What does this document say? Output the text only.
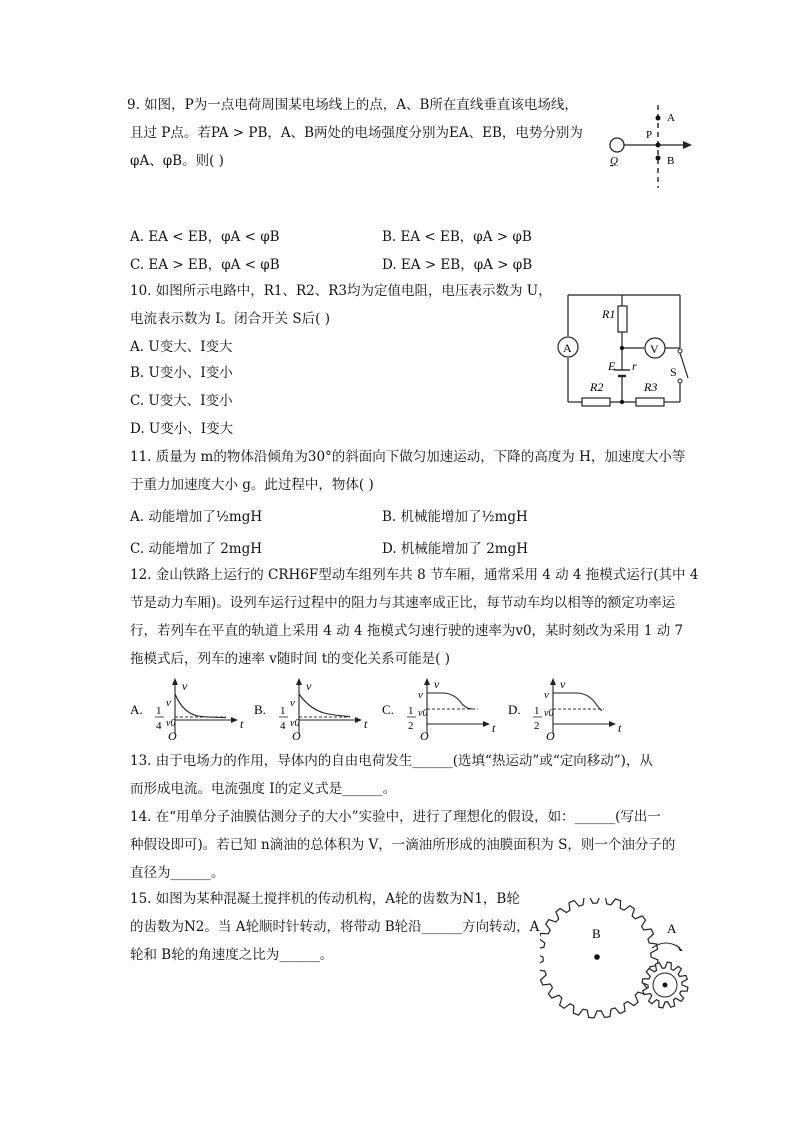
9. 如图，P为一点电荷周围某电场线上的点，A、B所在直线垂直该电场线，
且过 P点。若PA > PB，A、B两处的电场强度分别为EA、EB，电势分别为
φA、φB。则( )
A
P
Q	B
A. EA < EB，φA < φB	B. EA < EB，φA > φB
C. EA > EB，φA < φB	D. EA > EB，φA > φB
10. 如图所示电路中，R1、R2、R3均为定值电阻，电压表示数为 U，
电流表示数为 I。闭合开关 S后( )
A. U变大、I变大
B. U变小、I变小
C. U变大、I变小
D. U变小、I变大
A	V
R1
E r	S
R2	R3
11. 质量为 m的物体沿倾角为30°的斜面向下做匀加速运动，下降的高度为 H，加速度大小等
于重力加速度大小 g。此过程中，物体( )
A. 动能增加了½mgH	B. 机械能增加了½mgH
C. 动能增加了 2mgH	D. 机械能增加了 2mgH
12. 金山铁路上运行的 CRH6F型动车组列车共 8 节车厢，通常采用 4 动 4 拖模式运行(其中 4
节是动力车厢)。设列车运行过程中的阻力与其速率成正比，每节动车均以相等的额定功率运
行，若列车在平直的轨道上采用 4 动 4 拖模式匀速行驶的速率为v0，某时刻改为采用 1 动 7
拖模式后，列车的速率 v随时间 t的变化关系可能是( )
A. 1
4
v
v0
v
t
O
B. 1
4
v
v0
v
t
O
C. 1
2
v
v0
v
t
O
D. 1
2
v
v0
v
t
O
13. 由于电场力的作用，导体内的自由电荷发生______(选填“热运动”或“定向移动”)，从
而形成电流。电流强度 I的定义式是______。
14. 在“用单分子油膜估测分子的大小”实验中，进行了理想化的假设，如：______(写出一
种假设即可)。若已知 n滴油的总体积为 V，一滴油所形成的油膜面积为 S，则一个油分子的
直径为______。
15. 如图为某种混凝土搅拌机的传动机构，A轮的齿数为N1，B轮
的齿数为N2。当 A轮顺时针转动，将带动 B轮沿______方向转动，A
轮和 B轮的角速度之比为______。
B	A
